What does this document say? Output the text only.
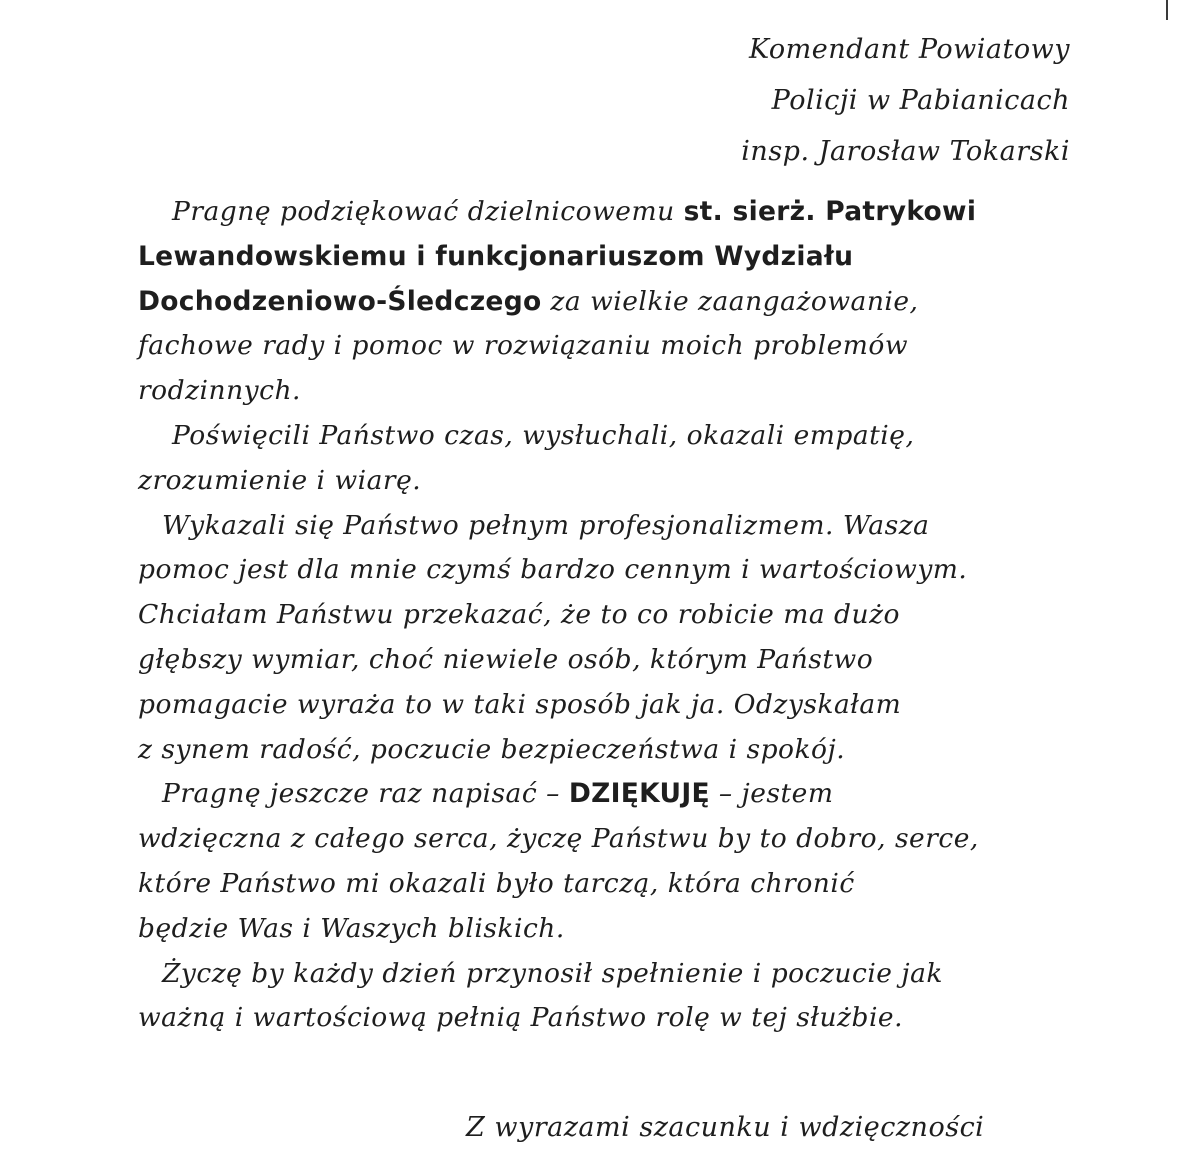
Komendant Powiatowy
Policji w Pabianicach
insp. Jarosław Tokarski
Pragnę podziękować dzielnicowemu st. sierż. Patrykowi
Lewandowskiemu i funkcjonariuszom Wydziału
Dochodzeniowo-Śledczego za wielkie zaangażowanie,
fachowe rady i pomoc w rozwiązaniu moich problemów
rodzinnych.
Poświęcili Państwo czas, wysłuchali, okazali empatię,
zrozumienie i wiarę.
Wykazali się Państwo pełnym profesjonalizmem. Wasza
pomoc jest dla mnie czymś bardzo cennym i wartościowym.
Chciałam Państwu przekazać, że to co robicie ma dużo
głębszy wymiar, choć niewiele osób, którym Państwo
pomagacie wyraża to w taki sposób jak ja. Odzyskałam
z synem radość, poczucie bezpieczeństwa i spokój.
Pragnę jeszcze raz napisać – DZIĘKUJĘ – jestem
wdzięczna z całego serca, życzę Państwu by to dobro, serce,
które Państwo mi okazali było tarczą, która chronić
będzie Was i Waszych bliskich.
Życzę by każdy dzień przynosił spełnienie i poczucie jak
ważną i wartościową pełnią Państwo rolę w tej służbie.
Z wyrazami szacunku i wdzięczności
